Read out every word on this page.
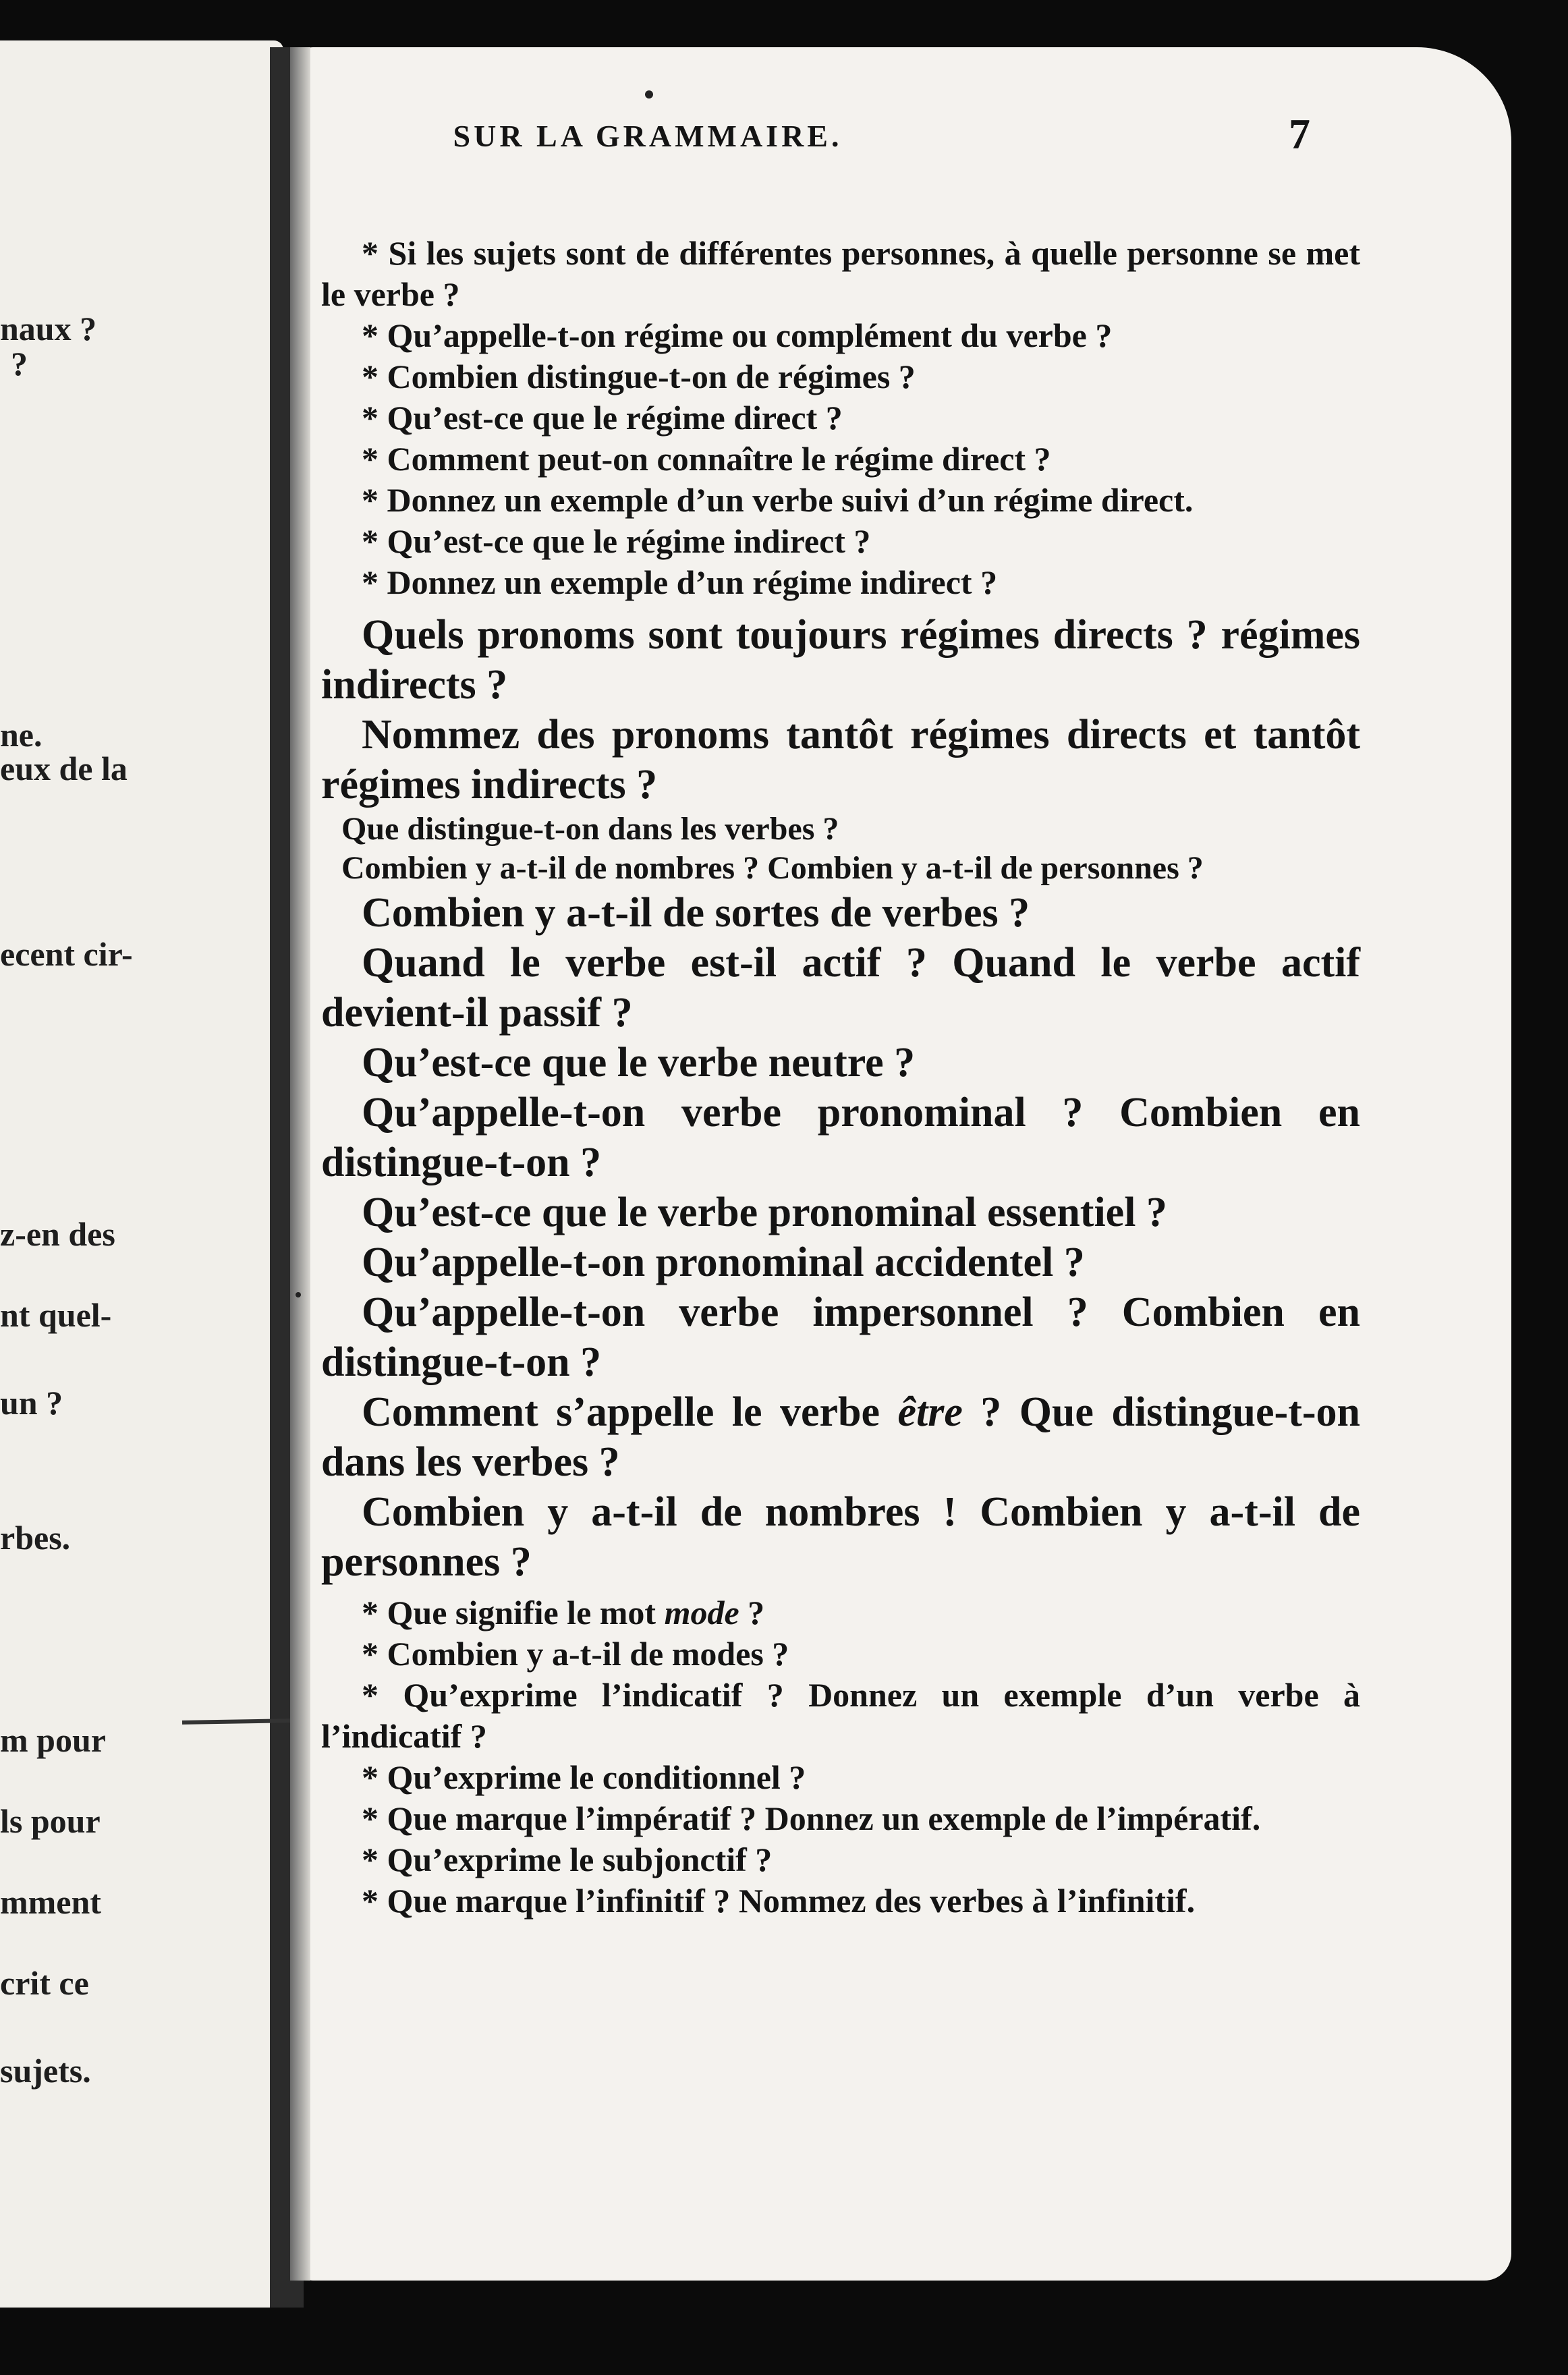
naux ?
?
ne.
eux de la
ecent cir-
z-en des
nt quel-
un ?
rbes.
m pour
ls pour
mment
crit ce
sujets.
SUR LA GRAMMAIRE.	7

* Si les sujets sont de différentes personnes, à quelle personne se met le verbe ?

* Qu’appelle-t-on régime ou complément du verbe ?

* Combien distingue-t-on de régimes ?

* Qu’est-ce que le régime direct ?

* Comment peut-on connaître le régime direct ?

* Donnez un exemple d’un verbe suivi d’un régime direct.

* Qu’est-ce que le régime indirect ?

* Donnez un exemple d’un régime indirect ?

Quels pronoms sont toujours régimes directs ? régimes indirects ?

Nommez des pronoms tantôt régimes directs et tantôt régimes indirects ?

Que distingue-t-on dans les verbes ?

Combien y a-t-il de nombres ? Combien y a-t-il de personnes ?

Combien y a-t-il de sortes de verbes ?

Quand le verbe est-il actif ? Quand le verbe actif devient-il passif ?

Qu’est-ce que le verbe neutre ?

Qu’appelle-t-on verbe pronominal ? Combien en distingue-t-on ?

Qu’est-ce que le verbe pronominal essentiel ?

Qu’appelle-t-on pronominal accidentel ?

Qu’appelle-t-on verbe impersonnel ? Combien en distingue-t-on ?

Comment s’appelle le verbe être ? Que distingue-t-on dans les verbes ?

Combien y a-t-il de nombres ! Combien y a-t-il de personnes ?

* Que signifie le mot mode ?

* Combien y a-t-il de modes ?

* Qu’exprime l’indicatif ? Donnez un exemple d’un verbe à l’indicatif ?

* Qu’exprime le conditionnel ?

* Que marque l’impératif ? Donnez un exemple de l’impératif.

* Qu’exprime le subjonctif ?

* Que marque l’infinitif ? Nommez des verbes à l’infinitif.
